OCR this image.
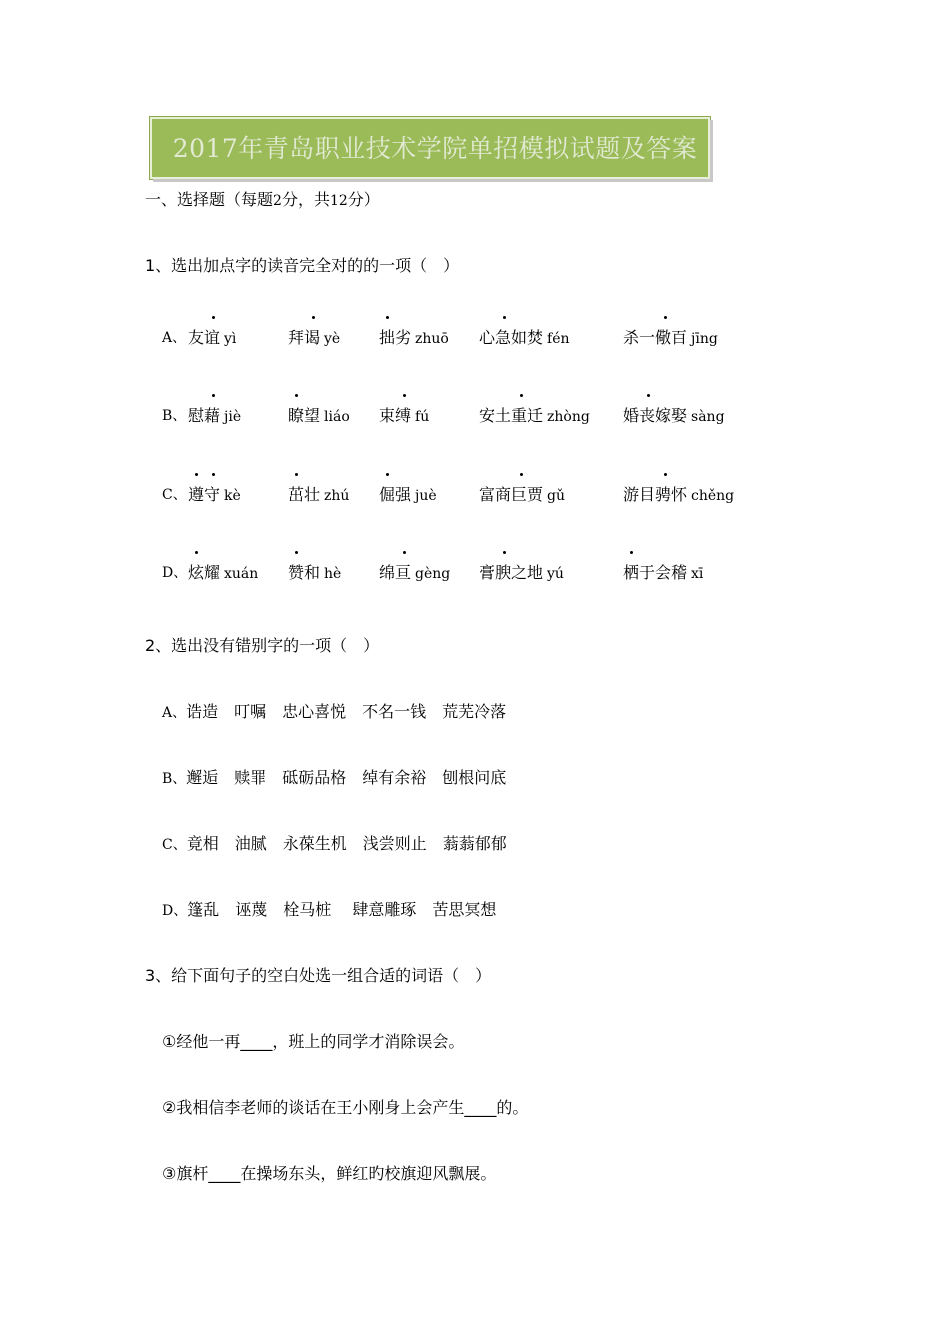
2017年青岛职业技术学院单招模拟试题及答案
一、选择题（每题2分，共12分）
1、选出加点字的读音完全对的的一项（　）
A、 友谊 yì	拜谒 yè 拙劣 zhuō 心急如焚 fén	杀一儆百 jīng
B、 慰藉 jiè	瞭望 liáo 束缚 fú	安土重迁 zhòng 婚丧嫁娶 sàng
C、 遵守 kè	茁壮 zhú 倔强 juè	富商巨贾 gǔ	游目骋怀 chěng
D、 炫耀 xuán 赞和 hè 绵亘 gèng 膏腴之地 yú	栖于会稽 xī
2、选出没有错别字的一项（　）
A、诰造　叮嘱　忠心喜悦　不名一钱　荒芜冷落
B、邂逅　赎罪　砥砺品格　绰有余裕　刨根问底
C、竟相　油腻　永葆生机　浅尝则止　蓊蓊郁郁
D、篷乱　诬蔑　栓马桩　 肆意雕琢　苦思冥想
3、给下面句子的空白处选一组合适的词语（　）
①经他一再____，班上的同学才消除误会。
②我相信李老师的谈话在王小刚身上会产生____的。
③旗杆____在操场东头，鲜红旳校旗迎风飘展。
